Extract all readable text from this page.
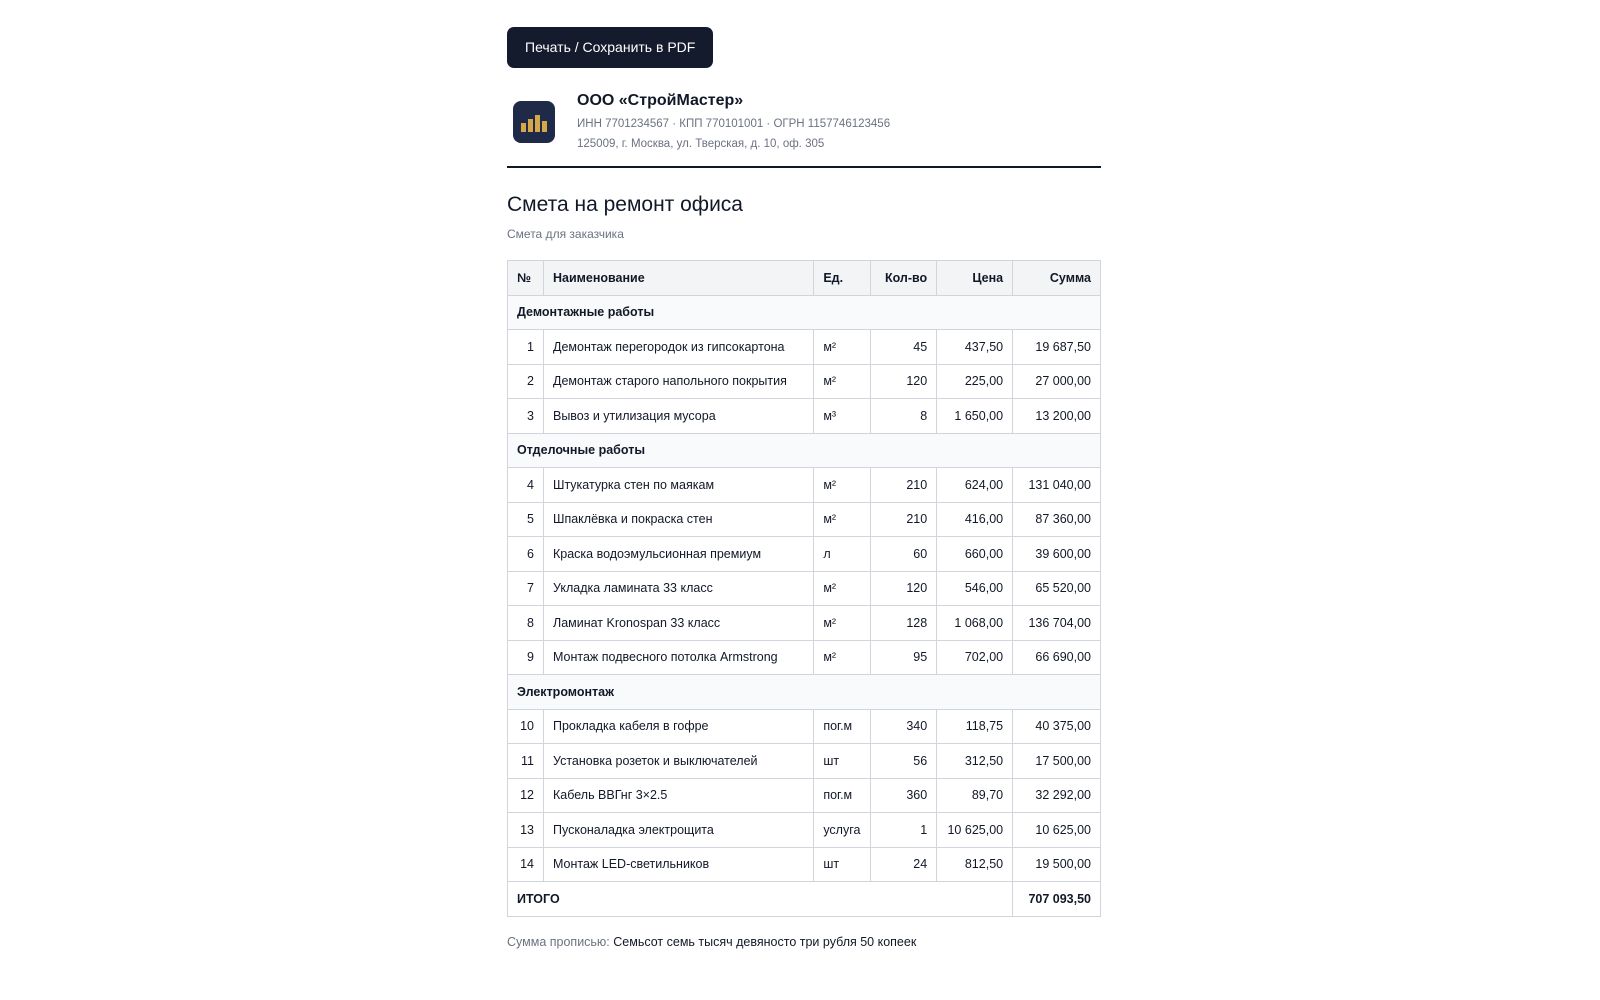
Печать / Сохранить в PDF
ООО «СтройМастер»
ИНН 7701234567 · КПП 770101001 · ОГРН 1157746123456
125009, г. Москва, ул. Тверская, д. 10, оф. 305
Смета на ремонт офиса
Смета для заказчика
№	Наименование	Ед.	Кол-во	Цена	Сумма
Демонтажные работы					
1	Демонтаж перегородок из гипсокартона	м²	45	437,50	19 687,50
2	Демонтаж старого напольного покрытия	м²	120	225,00	27 000,00
3	Вывоз и утилизация мусора	м³	8	1 650,00	13 200,00
Отделочные работы					
4	Штукатурка стен по маякам	м²	210	624,00	131 040,00
5	Шпаклёвка и покраска стен	м²	210	416,00	87 360,00
6	Краска водоэмульсионная премиум	л	60	660,00	39 600,00
7	Укладка ламината 33 класс	м²	120	546,00	65 520,00
8	Ламинат Kronospan 33 класс	м²	128	1 068,00	136 704,00
9	Монтаж подвесного потолка Armstrong	м²	95	702,00	66 690,00
Электромонтаж					
10	Прокладка кабеля в гофре	пог.м	340	118,75	40 375,00
11	Установка розеток и выключателей	шт	56	312,50	17 500,00
12	Кабель ВВГнг 3×2.5	пог.м	360	89,70	32 292,00
13	Пусконаладка электрощита	услуга	1	10 625,00	10 625,00
14	Монтаж LED-светильников	шт	24	812,50	19 500,00
ИТОГО					707 093,50
Сумма прописью: Семьсот семь тысяч девяносто три рубля 50 копеек
